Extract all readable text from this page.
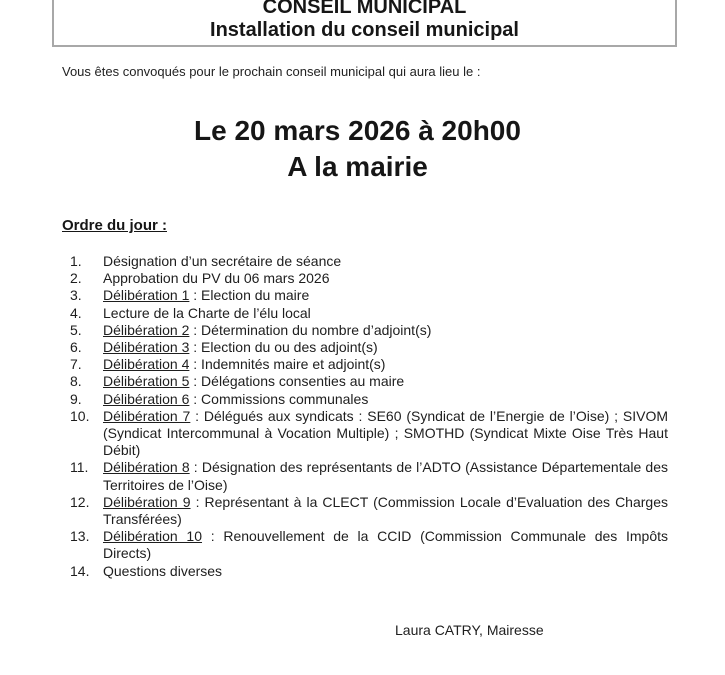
CONSEIL MUNICIPAL
Installation du conseil municipal

Vous êtes convoqués pour le prochain conseil municipal qui aura lieu le :

Le 20 mars 2026 à 20h00
A la mairie
Ordre du jour :
1.	Désignation d’un secrétaire de séance
2.	Approbation du PV du 06 mars 2026
3.	Délibération 1 : Election du maire
4.	Lecture de la Charte de l’élu local
5.	Délibération 2 : Détermination du nombre d’adjoint(s)
6.	Délibération 3 : Election du ou des adjoint(s)
7.	Délibération 4 : Indemnités maire et adjoint(s)
8.	Délibération 5 : Délégations consenties au maire
9.	Délibération 6 : Commissions communales
10. Délibération 7 : Délégués aux syndicats : SE60 (Syndicat de l’Energie de l’Oise) ; SIVOM (Syndicat Intercommunal à Vocation Multiple) ; SMOTHD (Syndicat Mixte Oise Très Haut Débit)
11.	Délibération 8 : Désignation des représentants de l’ADTO (Assistance Départementale des Territoires de l’Oise)
12. Délibération 9 : Représentant à la CLECT (Commission Locale d’Evaluation des Charges Transférées)
13. Délibération 10 : Renouvellement de la CCID (Commission Communale des Impôts Directs)
14. Questions diverses
Laura CATRY, Mairesse
